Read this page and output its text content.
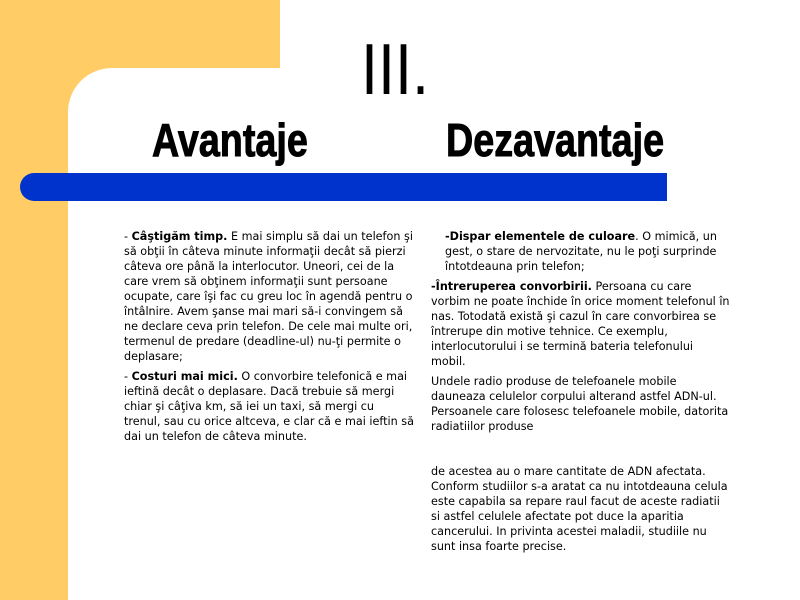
III.
Avantaje	Dezavantaje

- Câştigăm timp. E mai simplu să dai un telefon şi să obţii în câteva minute informaţii decât să pierzi câteva ore până la interlocutor. Uneori, cei de la care vrem să obţinem informaţii sunt persoane ocupate, care îşi fac cu greu loc în agendă pentru o întâlnire. Avem şanse mai mari să-i convingem să ne declare ceva prin telefon. De cele mai multe ori, termenul de predare (deadline-ul) nu-ţi permite o deplasare;

- Costuri mai mici. O convorbire telefonică e mai ieftină decât o deplasare. Dacă trebuie să mergi chiar şi câţiva km, să iei un taxi, să mergi cu trenul, sau cu orice altceva, e clar că e mai ieftin să dai un telefon de câteva minute.

-Dispar elementele de culoare. O mimică, un gest, o stare de nervozitate, nu le poţi surprinde întotdeauna prin telefon;

-Întreruperea convorbirii. Persoana cu care vorbim ne poate închide în orice moment telefonul în nas. Totodată există şi cazul în care convorbirea se întrerupe din motive tehnice. Ce exemplu, interlocutorului i se termină bateria telefonului mobil.

Undele radio produse de telefoanele mobile dauneaza celulelor corpului alterand astfel ADN-ul. Persoanele care folosesc telefoanele mobile, datorita radiatiilor produse

de acestea au o mare cantitate de ADN afectata. Conform studiilor s-a aratat ca nu intotdeauna celula este capabila sa repare raul facut de aceste radiatii si astfel celulele afectate pot duce la aparitia cancerului. In privinta acestei maladii, studiile nu sunt insa foarte precise.
